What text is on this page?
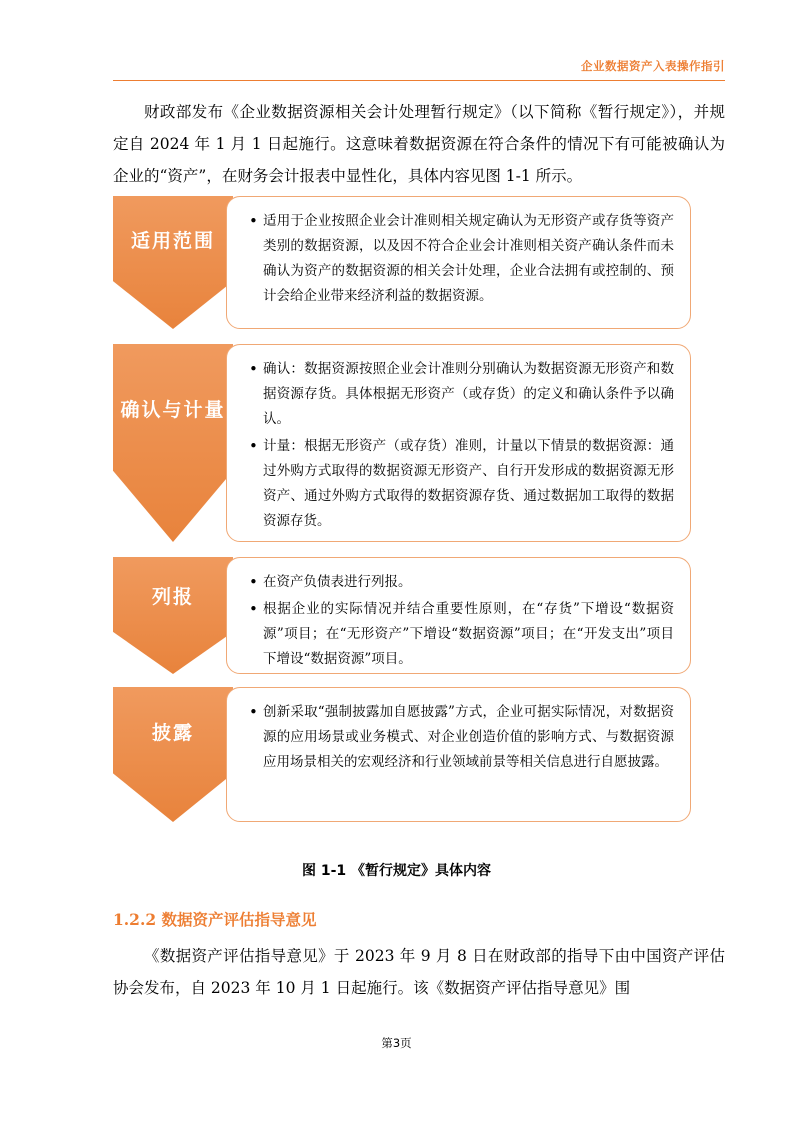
企业数据资产入表操作指引
财政部发布《企业数据资源相关会计处理暂行规定》（以下简称《暂行规定》），并规定自 2024 年 1 月 1 日起施行。这意味着数据资源在符合条件的情况下有可能被确认为企业的“资产”，在财务会计报表中显性化，具体内容见图 1-1 所示。
适用范围
• 适用于企业按照企业会计准则相关规定确认为无形资产或存货等资产类别的数据资源，以及因不符合企业会计准则相关资产确认条件而未确认为资产的数据资源的相关会计处理，企业合法拥有或控制的、预计会给企业带来经济利益的数据资源。
确认与计量
• 确认：数据资源按照企业会计准则分别确认为数据资源无形资产和数据资源存货。具体根据无形资产（或存货）的定义和确认条件予以确认。
• 计量：根据无形资产（或存货）准则，计量以下情景的数据资源：通过外购方式取得的数据资源无形资产、自行开发形成的数据资源无形资产、通过外购方式取得的数据资源存货、通过数据加工取得的数据资源存货。
列报
• 在资产负债表进行列报。
• 根据企业的实际情况并结合重要性原则，在“存货”下增设“数据资源”项目；在“无形资产”下增设“数据资源”项目；在“开发支出”项目下增设“数据资源”项目。
披露
• 创新采取“强制披露加自愿披露”方式，企业可据实际情况，对数据资源的应用场景或业务模式、对企业创造价值的影响方式、与数据资源应用场景相关的宏观经济和行业领域前景等相关信息进行自愿披露。
图 1-1 《暂行规定》具体内容
1.2.2 数据资产评估指导意见
《数据资产评估指导意见》于 2023 年 9 月 8 日在财政部的指导下由中国资产评估协会发布，自 2023 年 10 月 1 日起施行。该《数据资产评估指导意见》围
第3页
